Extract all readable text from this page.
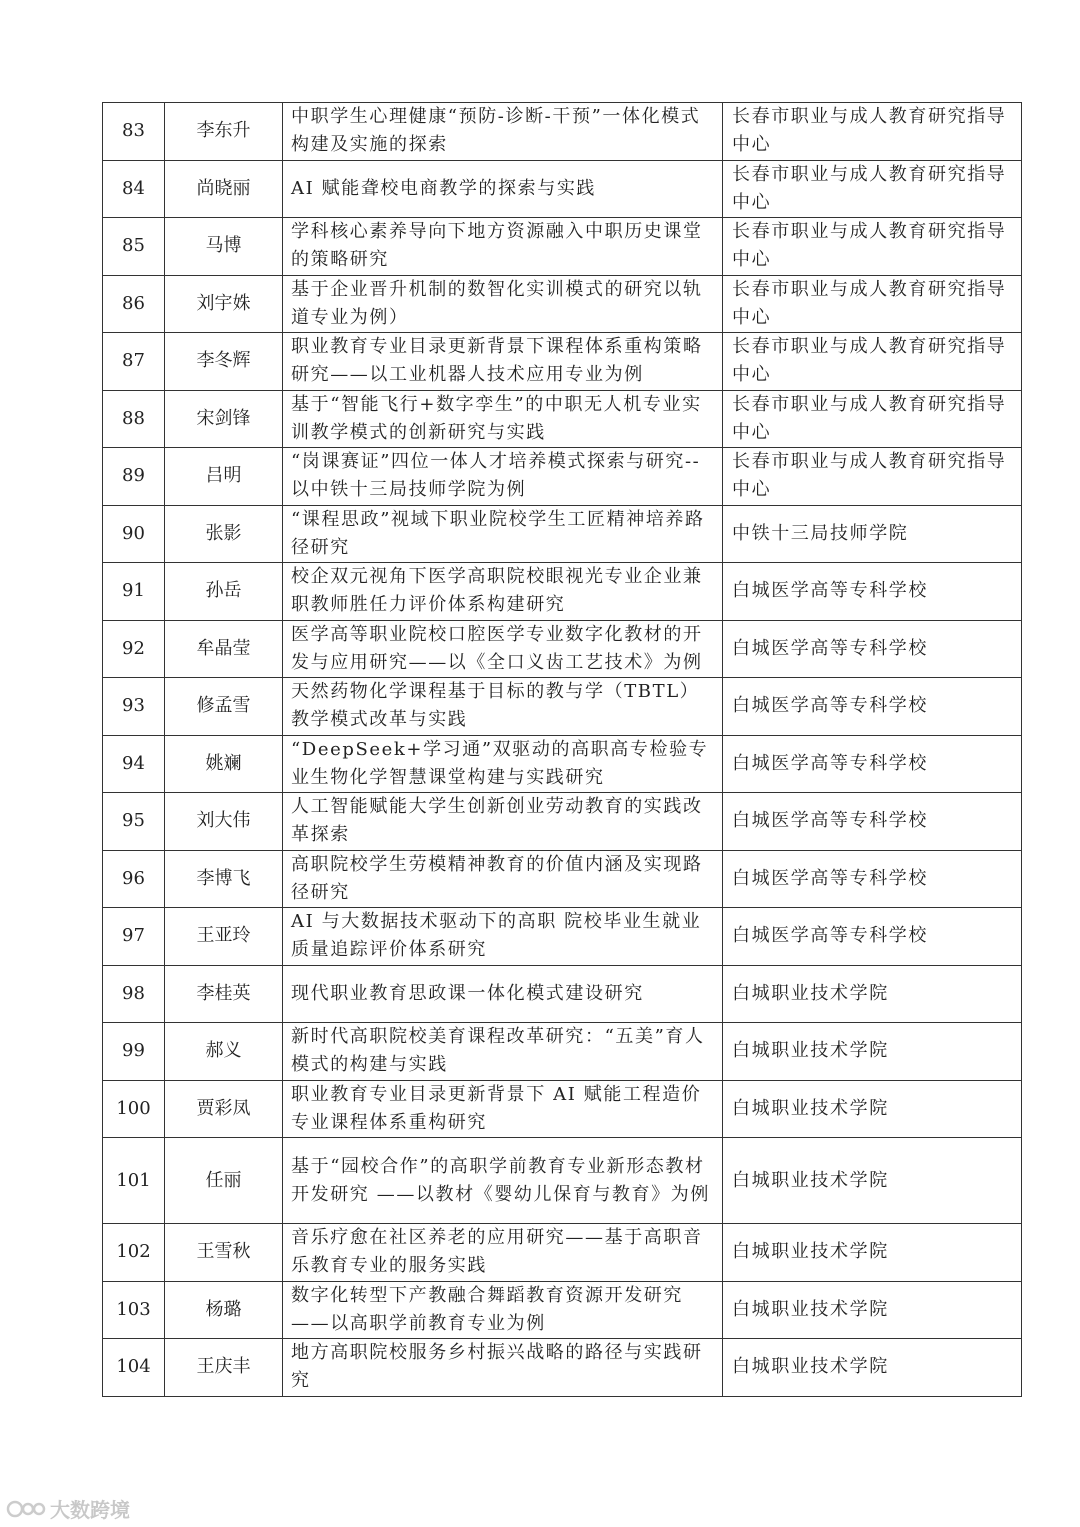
83	李东升	中职学生心理健康“预防-诊断-干预”一体化模式构建及实施的探索	长春市职业与成人教育研究指导中心
84	尚晓丽	AI 赋能聋校电商教学的探索与实践	长春市职业与成人教育研究指导中心
85	马博	学科核心素养导向下地方资源融入中职历史课堂的策略研究	长春市职业与成人教育研究指导中心
86	刘宇姝	基于企业晋升机制的数智化实训模式的研究以轨道专业为例）	长春市职业与成人教育研究指导中心
87	李冬辉	职业教育专业目录更新背景下课程体系重构策略研究——以工业机器人技术应用专业为例	长春市职业与成人教育研究指导中心
88	宋剑锋	基于“智能飞行+数字孪生”的中职无人机专业实训教学模式的创新研究与实践	长春市职业与成人教育研究指导中心
89	吕明	“岗课赛证”四位一体人才培养模式探索与研究--以中铁十三局技师学院为例	长春市职业与成人教育研究指导中心
90	张影	“课程思政”视域下职业院校学生工匠精神培养路径研究	中铁十三局技师学院
91	孙岳	校企双元视角下医学高职院校眼视光专业企业兼职教师胜任力评价体系构建研究	白城医学高等专科学校
92	牟晶莹	医学高等职业院校口腔医学专业数字化教材的开发与应用研究——以《全口义齿工艺技术》为例	白城医学高等专科学校
93	修孟雪	天然药物化学课程基于目标的教与学（TBTL）教学模式改革与实践	白城医学高等专科学校
94	姚斓	“DeepSeek+学习通”双驱动的高职高专检验专业生物化学智慧课堂构建与实践研究	白城医学高等专科学校
95	刘大伟	人工智能赋能大学生创新创业劳动教育的实践改革探索	白城医学高等专科学校
96	李博飞	高职院校学生劳模精神教育的价值内涵及实现路径研究	白城医学高等专科学校
97	王亚玲	AI 与大数据技术驱动下的高职 院校毕业生就业质量追踪评价体系研究	白城医学高等专科学校
98	李桂英	现代职业教育思政课一体化模式建设研究	白城职业技术学院
99	郝义	新时代高职院校美育课程改革研究：“五美”育人模式的构建与实践	白城职业技术学院
100	贾彩凤	职业教育专业目录更新背景下 AI 赋能工程造价专业课程体系重构研究	白城职业技术学院
101	任丽	基于“园校合作”的高职学前教育专业新形态教材开发研究 ——以教材《婴幼儿保育与教育》为例	白城职业技术学院
102	王雪秋	音乐疗愈在社区养老的应用研究——基于高职音乐教育专业的服务实践	白城职业技术学院
103	杨璐	数字化转型下产教融合舞蹈教育资源开发研究——以高职学前教育专业为例	白城职业技术学院
104	王庆丰	地方高职院校服务乡村振兴战略的路径与实践研究	白城职业技术学院
大数跨境
